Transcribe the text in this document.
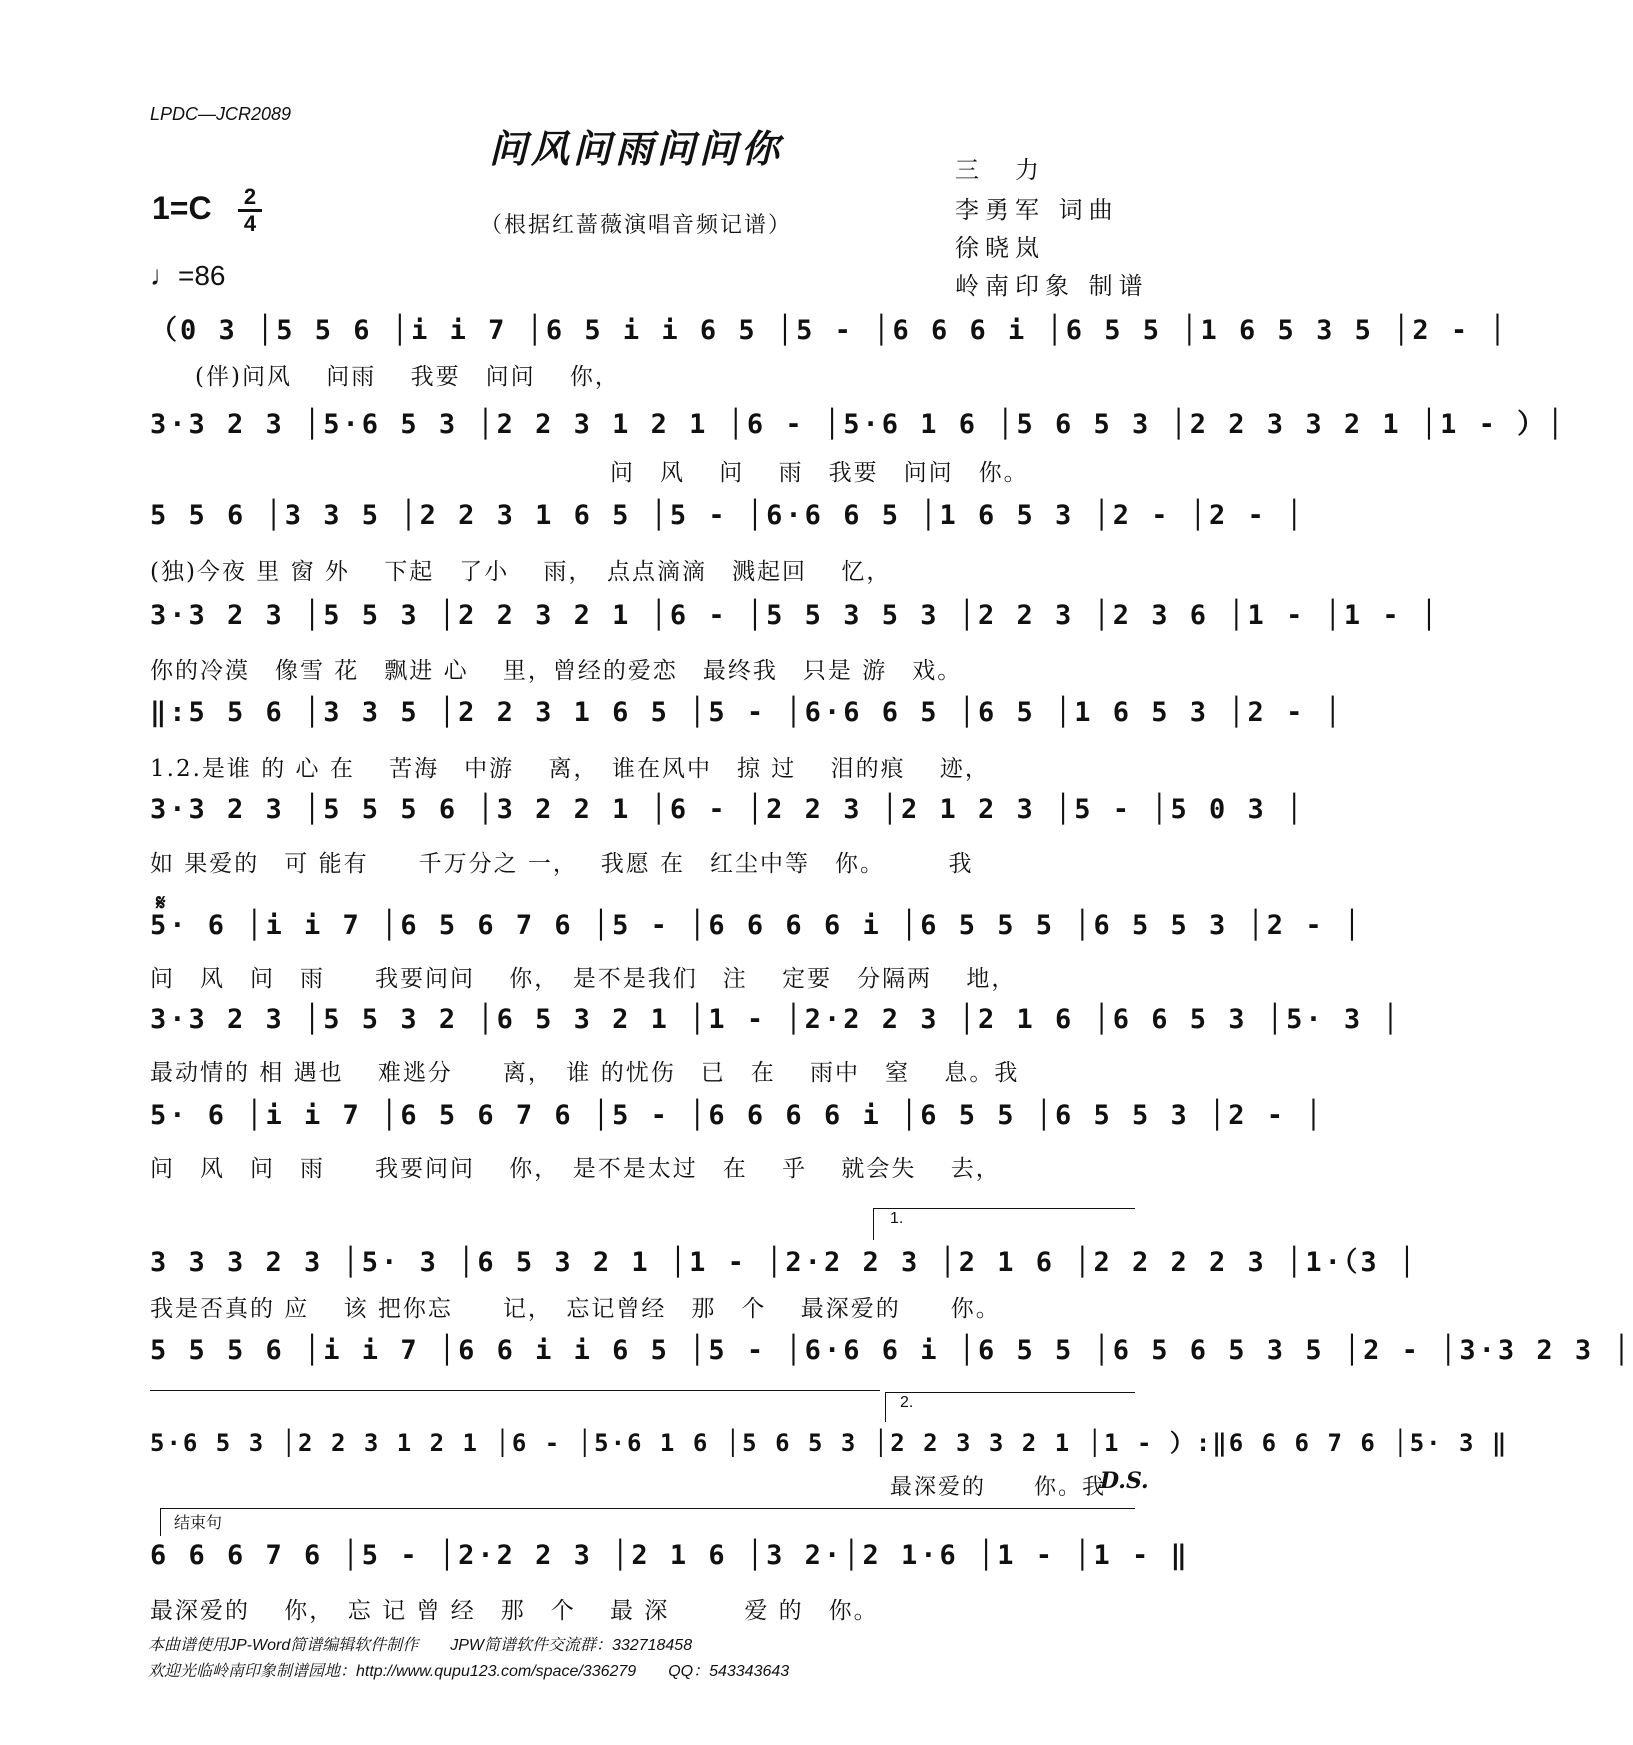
LPDC—JCR2089
问风问雨问问你
（根据红蔷薇演唱音频记谱）
三　力
李勇军 词曲
徐晓岚
岭南印象 制谱
1=C 2
4
♩=86
（0 3 │5 5 6 │i i 7 │6 5 i i 6 5 │5 - │6 6 6 i │6 5 5 │1 6 5 3 5 │2 - │
(伴)问风　 问雨　 我要　问问　 你，
3·3 2 3 │5·6 5 3 │2 2 3 1 2 1 │6 - │5·6 1 6 │5 6 5 3 │2 2 3 3 2 1 │1 - ）│
问　风　 问　 雨　我要　问问　你。
5 5 6 │3 3 5 │2 2 3 1 6 5 │5 - │6·6 6 5 │1 6 5 3 │2 - │2 - │
(独)今夜 里 窗 外　 下起　了小　 雨，　点点滴滴　溅起回　 忆，
3·3 2 3 │5 5 3 │2 2 3 2 1 │6 - │5 5 3 5 3 │2 2 3 │2 3 6 │1 - │1 - │
你的冷漠　像雪 花　飘进 心　 里，曾经的爱恋　最终我　只是 游　戏。
‖:5 5 6 │3 3 5 │2 2 3 1 6 5 │5 - │6·6 6 5 │6 5 │1 6 5 3 │2 - │
1.2.是谁 的 心 在　 苦海　中游　 离，　谁在风中　掠 过　 泪的痕　 迹，
3·3 2 3 │5 5 5 6 │3 2 2 1 │6 - │2 2 3 │2 1 2 3 │5 - │5 0 3 │
如 果爱的　可 能有　　千万分之 一，　 我愿 在　红尘中等　你。　　　我
𝄋
5· 6 │i i 7 │6 5 6 7 6 │5 - │6 6 6 6 i │6 5 5 5 │6 5 5 3 │2 - │
问　风　问　雨　　我要问问　 你，　是不是我们　注　 定要　分隔两　 地，
3·3 2 3 │5 5 3 2 │6 5 3 2 1 │1 - │2·2 2 3 │2 1 6 │6 6 5 3 │5· 3 │
最动情的 相 遇也　 难逃分　　离，　谁 的忧伤　已　在　 雨中　窒　 息。我
5· 6 │i i 7 │6 5 6 7 6 │5 - │6 6 6 6 i │6 5 5 │6 5 5 3 │2 - │
问　风　问　雨　　我要问问　 你，　是不是太过　在　 乎　 就会失　 去，
1.
3 3 3 2 3 │5· 3 │6 5 3 2 1 │1 - │2·2 2 3 │2 1 6 │2 2 2 2 3 │1·（3 │
我是否真的 应　 该 把你忘　　记，　忘记曾经　那　个　 最深爱的　　你。
5 5 5 6 │i i 7 │6 6 i i 6 5 │5 - │6·6 6 i │6 5 5 │6 5 6 5 3 5 │2 - │3·3 2 3 │
2.
5·6 5 3 │2 2 3 1 2 1 │6 - │5·6 1 6 │5 6 5 3 │2 2 3 3 2 1 │1 - ）:‖6 6 6 7 6 │5· 3 ‖
最深爱的　　你。我
D.S.
结束句
6 6 6 7 6 │5 - │2·2 2 3 │2 1 6 │3 2·│2 1·6 │1 - │1 - ‖
最深爱的　 你，　忘 记 曾 经　那　个　 最 深　　　爱 的　你。
本曲谱使用JP-Word简谱编辑软件制作　　JPW简谱软件交流群：332718458
欢迎光临岭南印象制谱园地：http://www.qupu123.com/space/336279　　QQ：543343643
